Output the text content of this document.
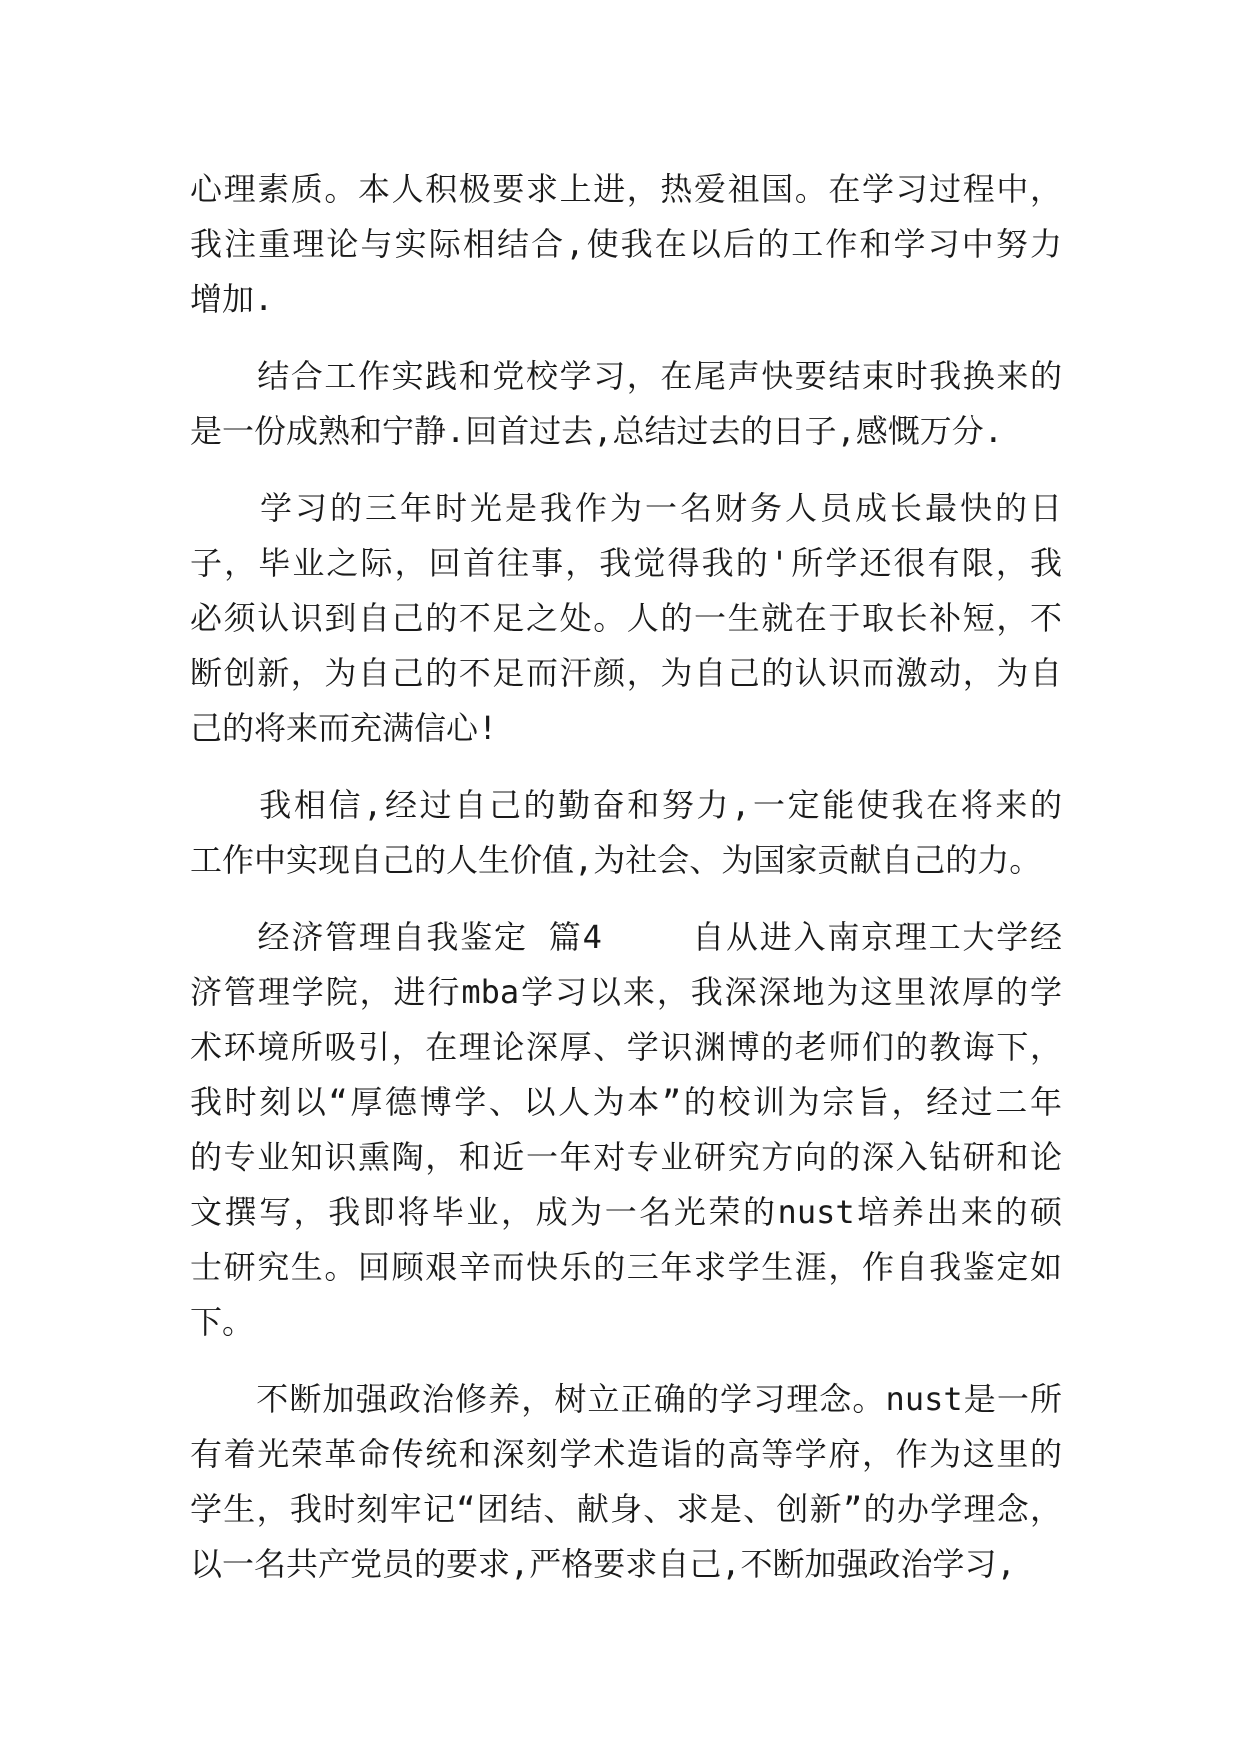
心理素质。本人积极要求上进，热爱祖国。在学习过程中，
我注重理论与实际相结合,使我在以后的工作和学习中努力
增加.
　　结合工作实践和党校学习，在尾声快要结束时我换来的
是一份成熟和宁静.回首过去,总结过去的日子,感慨万分.
　　学习的三年时光是我作为一名财务人员成长最快的日
子，毕业之际，回首往事，我觉得我的'所学还很有限，我
必须认识到自己的不足之处。人的一生就在于取长补短，不
断创新，为自己的不足而汗颜，为自己的认识而激动，为自
己的将来而充满信心!
　　我相信,经过自己的勤奋和努力,一定能使我在将来的
工作中实现自己的人生价值,为社会、为国家贡献自己的力。
　　经济管理自我鉴定 篇4　　 自从进入南京理工大学经
济管理学院，进行mba学习以来，我深深地为这里浓厚的学
术环境所吸引，在理论深厚、学识渊博的老师们的教诲下，
我时刻以“厚德博学、以人为本”的校训为宗旨，经过二年
的专业知识熏陶，和近一年对专业研究方向的深入钻研和论
文撰写，我即将毕业，成为一名光荣的nust培养出来的硕
士研究生。回顾艰辛而快乐的三年求学生涯，作自我鉴定如
下。
　　不断加强政治修养，树立正确的学习理念。nust是一所
有着光荣革命传统和深刻学术造诣的高等学府，作为这里的
学生，我时刻牢记“团结、献身、求是、创新”的办学理念，
以一名共产党员的要求,严格要求自己,不断加强政治学习,
